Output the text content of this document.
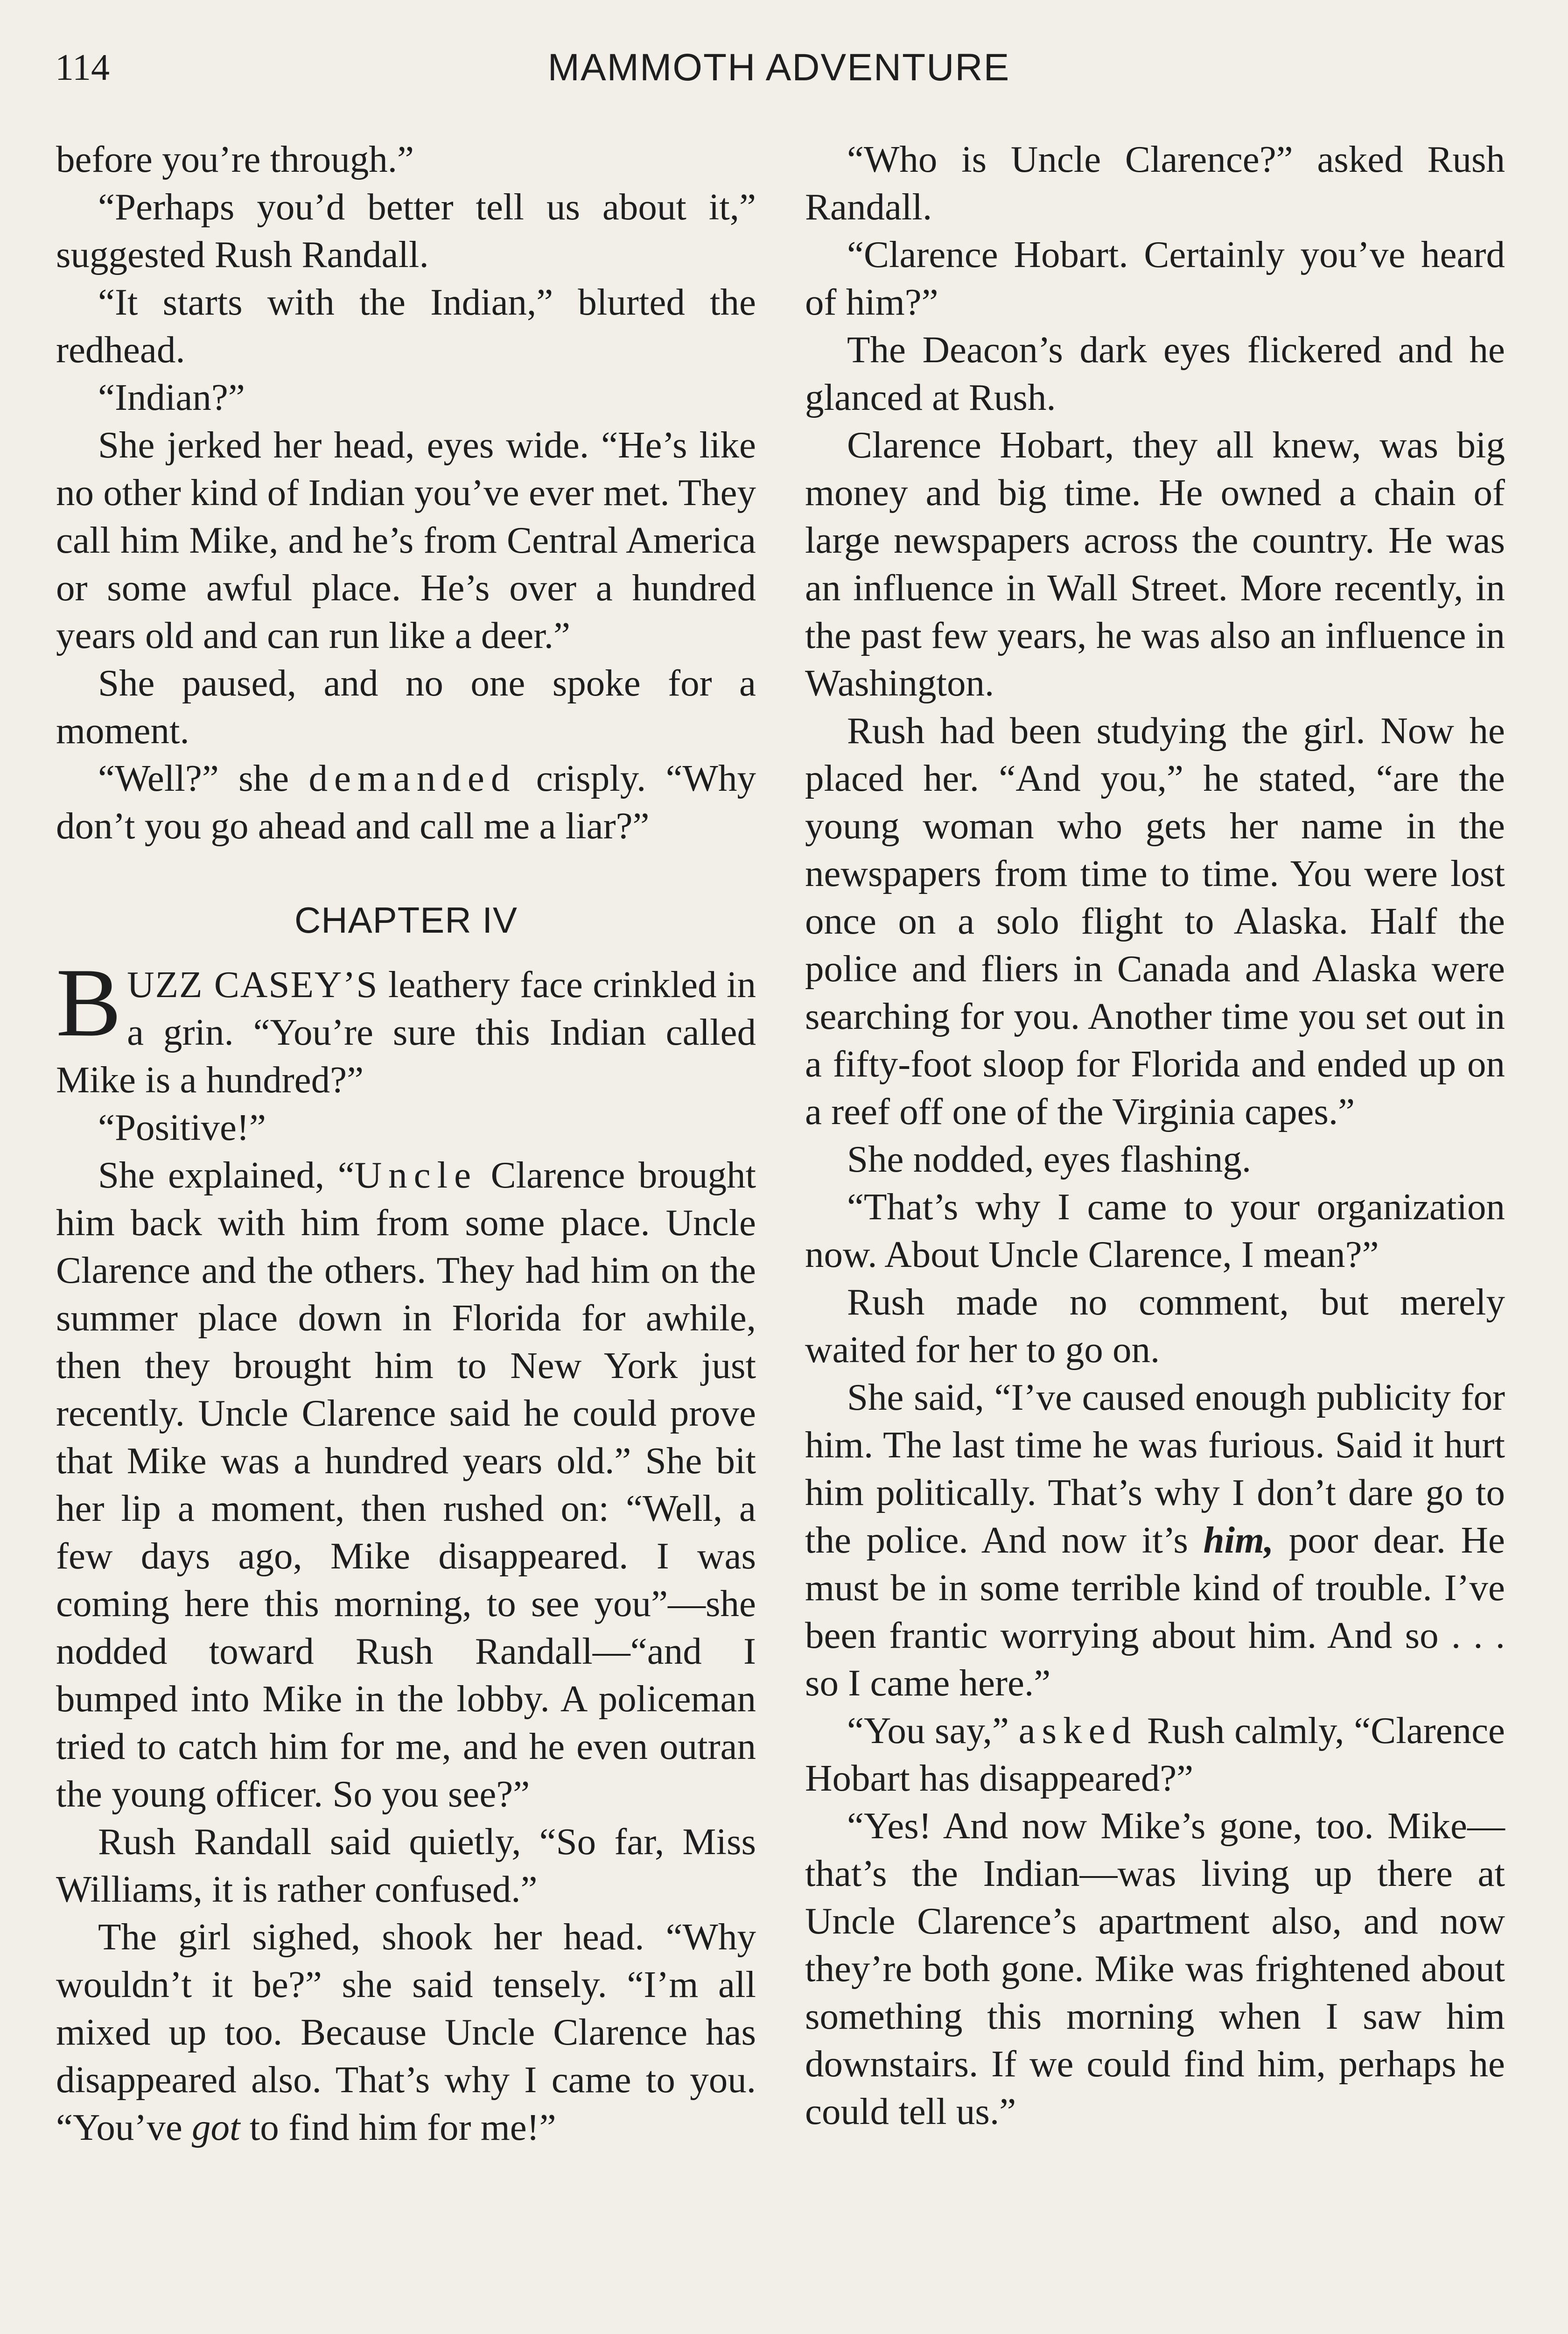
114	MAMMOTH ADVENTURE

before you’re through.”

“Perhaps you’d better tell us about it,” suggested Rush Randall.

“It starts with the Indian,” blurted the redhead.

“Indian?”

She jerked her head, eyes wide. “He’s like no other kind of Indian you’ve ever met. They call him Mike, and he’s from Central America or some awful place. He’s over a hundred years old and can run like a deer.”

She paused, and no one spoke for a moment.

“Well?” she demanded crisply. “Why don’t you go ahead and call me a liar?”

CHAPTER IV

BUZZ CASEY’S leathery face crinkled in a grin. “You’re sure this Indian called Mike is a hundred?”

“Positive!”

She explained, “Uncle Clarence brought him back with him from some place. Uncle Clarence and the others. They had him on the summer place down in Florida for awhile, then they brought him to New York just recently. Uncle Clarence said he could prove that Mike was a hundred years old.” She bit her lip a moment, then rushed on: “Well, a few days ago, Mike disappeared. I was coming here this morning, to see you”—she nodded toward Rush Randall—“and I bumped into Mike in the lobby. A policeman tried to catch him for me, and he even outran the young officer. So you see?”

Rush Randall said quietly, “So far, Miss Williams, it is rather confused.”

The girl sighed, shook her head. “Why wouldn’t it be?” she said tensely. “I’m all mixed up too. Because Uncle Clarence has disappeared also. That’s why I came to you. “You’ve got to find him for me!”

“Who is Uncle Clarence?” asked Rush Randall.

“Clarence Hobart. Certainly you’ve heard of him?”

The Deacon’s dark eyes flickered and he glanced at Rush.

Clarence Hobart, they all knew, was big money and big time. He owned a chain of large newspapers across the country. He was an influence in Wall Street. More recently, in the past few years, he was also an influence in Washington.

Rush had been studying the girl. Now he placed her. “And you,” he stated, “are the young woman who gets her name in the newspapers from time to time. You were lost once on a solo flight to Alaska. Half the police and fliers in Canada and Alaska were searching for you. Another time you set out in a fifty-foot sloop for Florida and ended up on a reef off one of the Virginia capes.”

She nodded, eyes flashing.

“That’s why I came to your organization now. About Uncle Clarence, I mean?”

Rush made no comment, but merely waited for her to go on.

She said, “I’ve caused enough publicity for him. The last time he was furious. Said it hurt him politically. That’s why I don’t dare go to the police. And now it’s him, poor dear. He must be in some terrible kind of trouble. I’ve been frantic worrying about him. And so . . . so I came here.”

“You say,” asked Rush calmly, “Clarence Hobart has disappeared?”

“Yes! And now Mike’s gone, too. Mike—that’s the Indian—was living up there at Uncle Clarence’s apartment also, and now they’re both gone. Mike was frightened about something this morning when I saw him downstairs. If we could find him, perhaps he could tell us.”
